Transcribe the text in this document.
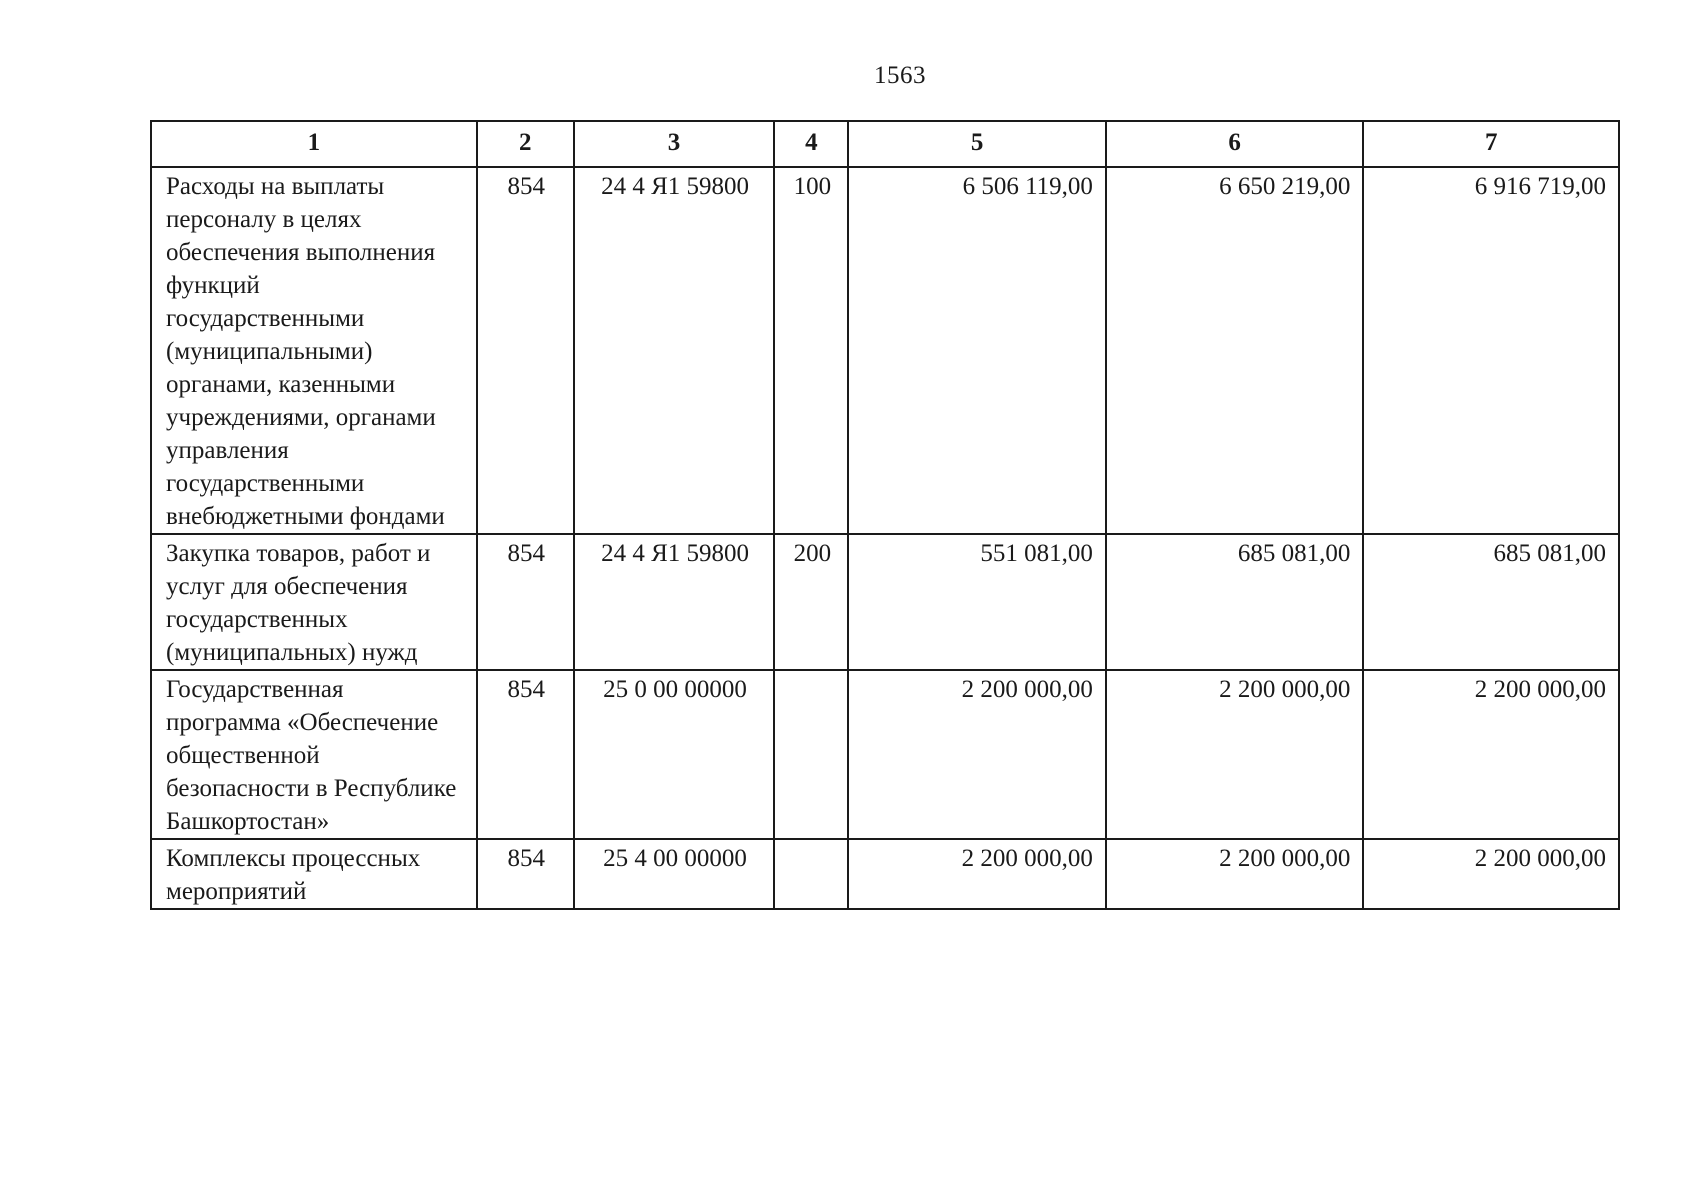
1563
1	2	3	4	5	6	7
Расходы на выплаты персоналу в целях обеспечения выполнения функций государственными (муниципальными) органами, казенными учреждениями, органами управления государственными внебюджетными фондами	854	24 4 Я1 59800	100	6 506 119,00	6 650 219,00	6 916 719,00
Закупка товаров, работ и услуг для обеспечения государственных (муниципальных) нужд	854	24 4 Я1 59800	200	551 081,00	685 081,00	685 081,00
Государственная программа «Обеспечение общественной безопасности в Республике Башкортостан»	854	25 0 00 00000		2 200 000,00	2 200 000,00	2 200 000,00
Комплексы процессных мероприятий	854	25 4 00 00000		2 200 000,00	2 200 000,00	2 200 000,00
